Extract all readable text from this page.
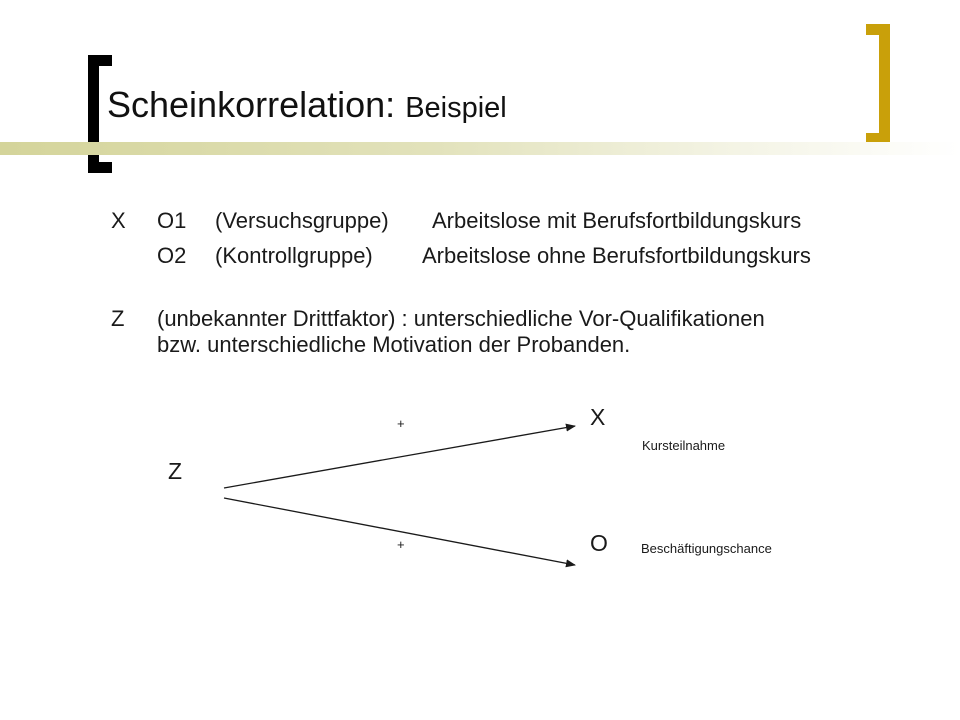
Scheinkorrelation: Beispiel
X O1 (Versuchsgruppe) Arbeitslose mit Berufsfortbildungskurs
O2 (Kontrollgruppe) Arbeitslose ohne Berufsfortbildungskurs
Z (unbekannter Drittfaktor) : unterschiedliche Vor-Qualifikationen
bzw. unterschiedliche Motivation der Probanden.
+
+
X
Kursteilnahme
Z
O	Beschäftigungschance
